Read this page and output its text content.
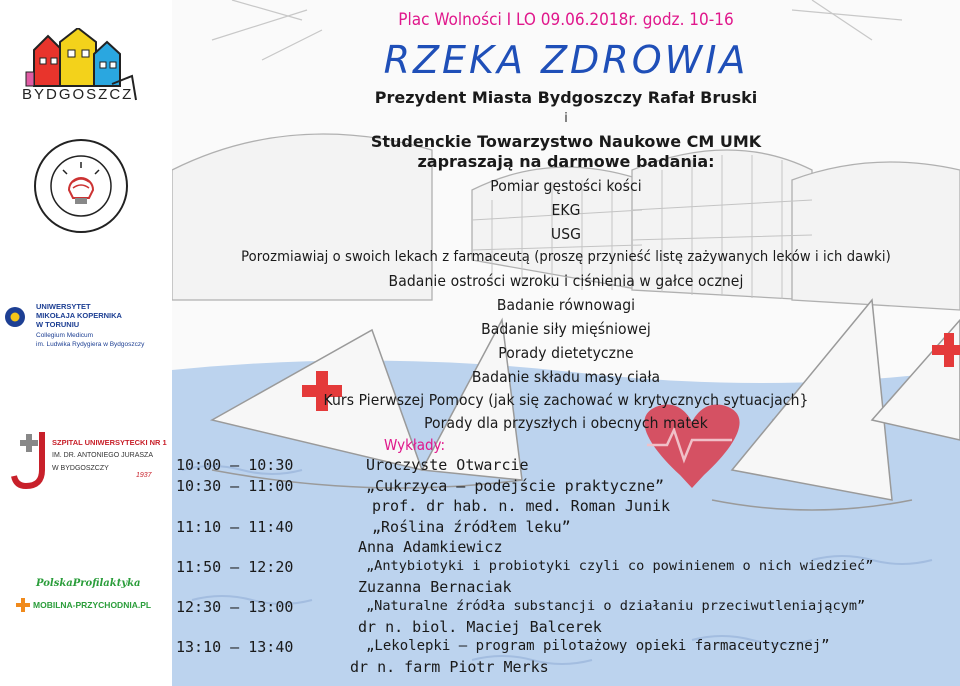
BYDGOSZCZ
UNIWERSYTET
MIKOŁAJA KOPERNIKA
W TORUNIU
Collegium Medicum
im. Ludwika Rydygiera w Bydgoszczy
SZPITAL UNIWERSYTECKI NR 1
IM. DR. ANTONIEGO JURASZA
W BYDGOSZCZY
1937
PolskaProfilaktyka
MOBILNA-PRZYCHODNIA.PL
Plac Wolności I LO 09.06.2018r. godz. 10-16
RZEKA ZDROWIA
Prezydent Miasta Bydgoszczy Rafał Bruski
i
Studenckie Towarzystwo Naukowe CM UMK
zapraszają na darmowe badania:
Pomiar gęstości kości
EKG
USG
Porozmiawiaj o swoich lekach z farmaceutą (proszę przynieść listę zażywanych leków i ich dawki)
Badanie ostrości wzroku i ciśnienia w gałce ocznej
Badanie równowagi
Badanie siły mięśniowej
Porady dietetyczne
Badanie składu masy ciała
Kurs Pierwszej Pomocy (jak się zachować w krytycznych sytuacjach}
Porady dla przyszłych i obecnych matek
Wykłady:
10:00 – 10:30	Uroczyste Otwarcie
10:30 – 11:00	„Cukrzyca – podejście praktyczne”
prof. dr hab. n. med. Roman Junik
11:10 – 11:40	„Roślina źródłem leku”
Anna Adamkiewicz
11:50 – 12:20	„Antybiotyki i probiotyki czyli co powinienem o nich wiedzieć”
Zuzanna Bernaciak
12:30 – 13:00	„Naturalne źródła substancji o działaniu przeciwutleniającym”
dr n. biol. Maciej Balcerek
13:10 – 13:40	„Lekolepki – program pilotażowy opieki farmaceutycznej”
dr n. farm Piotr Merks
